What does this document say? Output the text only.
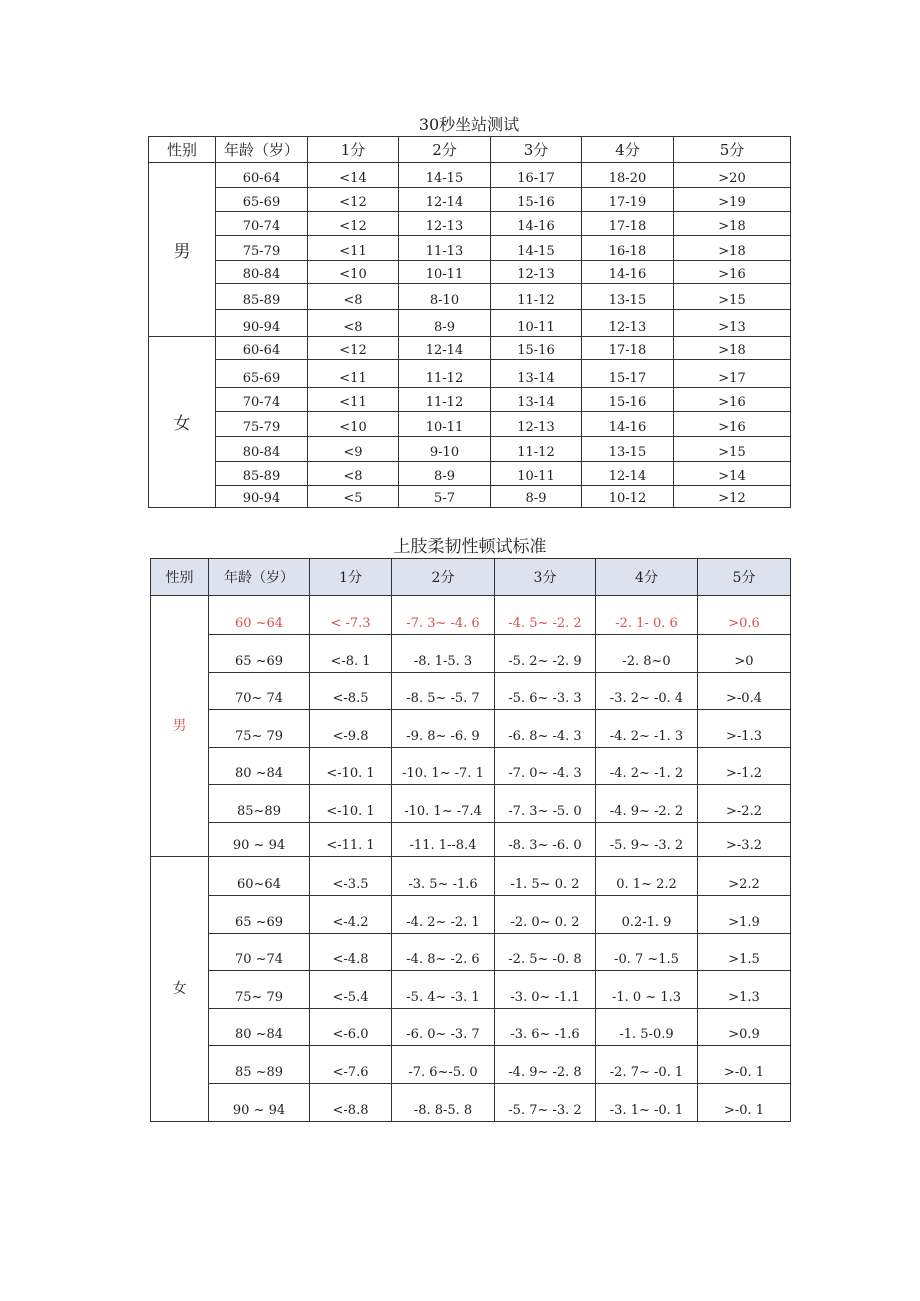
30秒坐站测试
性别	年龄（岁）	1分	2分	3分	4分	5分
男	60-64	<14	14-15	16-17	18-20	>20
	65-69	<12	12-14	15-16	17-19	>19
	70-74	<12	12-13	14-16	17-18	>18
	75-79	<11	11-13	14-15	16-18	>18
	80-84	<10	10-11	12-13	14-16	>16
	85-89	<8	8-10	11-12	13-15	>15
	90-94	<8	8-9	10-11	12-13	>13
女	60-64	<12	12-14	15-16	17-18	>18
	65-69	<11	11-12	13-14	15-17	>17
	70-74	<11	11-12	13-14	15-16	>16
	75-79	<10	10-11	12-13	14-16	>16
	80-84	<9	9-10	11-12	13-15	>15
	85-89	<8	8-9	10-11	12-14	>14
	90-94	<5	5-7	8-9	10-12	>12
上肢柔韧性顿试标准
性别	年龄（岁）	1分	2分	3分	4分	5分
男	60 ~64	< -7.3	-7. 3~ -4. 6	-4. 5~ -2. 2	-2. 1- 0. 6	>0.6
	65 ~69	<-8. 1	-8. 1-5. 3	-5. 2~ -2. 9	-2. 8~0	>0
	70~ 74	<-8.5	-8. 5~ -5. 7	-5. 6~ -3. 3	-3. 2~ -0. 4	>-0.4
	75~ 79	<-9.8	-9. 8~ -6. 9	-6. 8~ -4. 3	-4. 2~ -1. 3	>-1.3
	80 ~84	<-10. 1	-10. 1~ -7. 1	-7. 0~ -4. 3	-4. 2~ -1. 2	>-1.2
	85~89	<-10. 1	-10. 1~ -7.4	-7. 3~ -5. 0	-4. 9~ -2. 2	>-2.2
	90 ~ 94	<-11. 1	-11. 1--8.4	-8. 3~ -6. 0	-5. 9~ -3. 2	>-3.2
女	60~64	<-3.5	-3. 5~ -1.6	-1. 5~ 0. 2	0. 1~ 2.2	>2.2
	65 ~69	<-4.2	-4. 2~ -2. 1	-2. 0~ 0. 2	0.2-1. 9	>1.9
	70 ~74	<-4.8	-4. 8~ -2. 6	-2. 5~ -0. 8	-0. 7 ~1.5	>1.5
	75~ 79	<-5.4	-5. 4~ -3. 1	-3. 0~ -1.1	-1. 0 ~ 1.3	>1.3
	80 ~84	<-6.0	-6. 0~ -3. 7	-3. 6~ -1.6	-1. 5-0.9	>0.9
	85 ~89	<-7.6	-7. 6~-5. 0	-4. 9~ -2. 8	-2. 7~ -0. 1	>-0. 1
	90 ~ 94	<-8.8	-8. 8-5. 8	-5. 7~ -3. 2	-3. 1~ -0. 1	>-0. 1
